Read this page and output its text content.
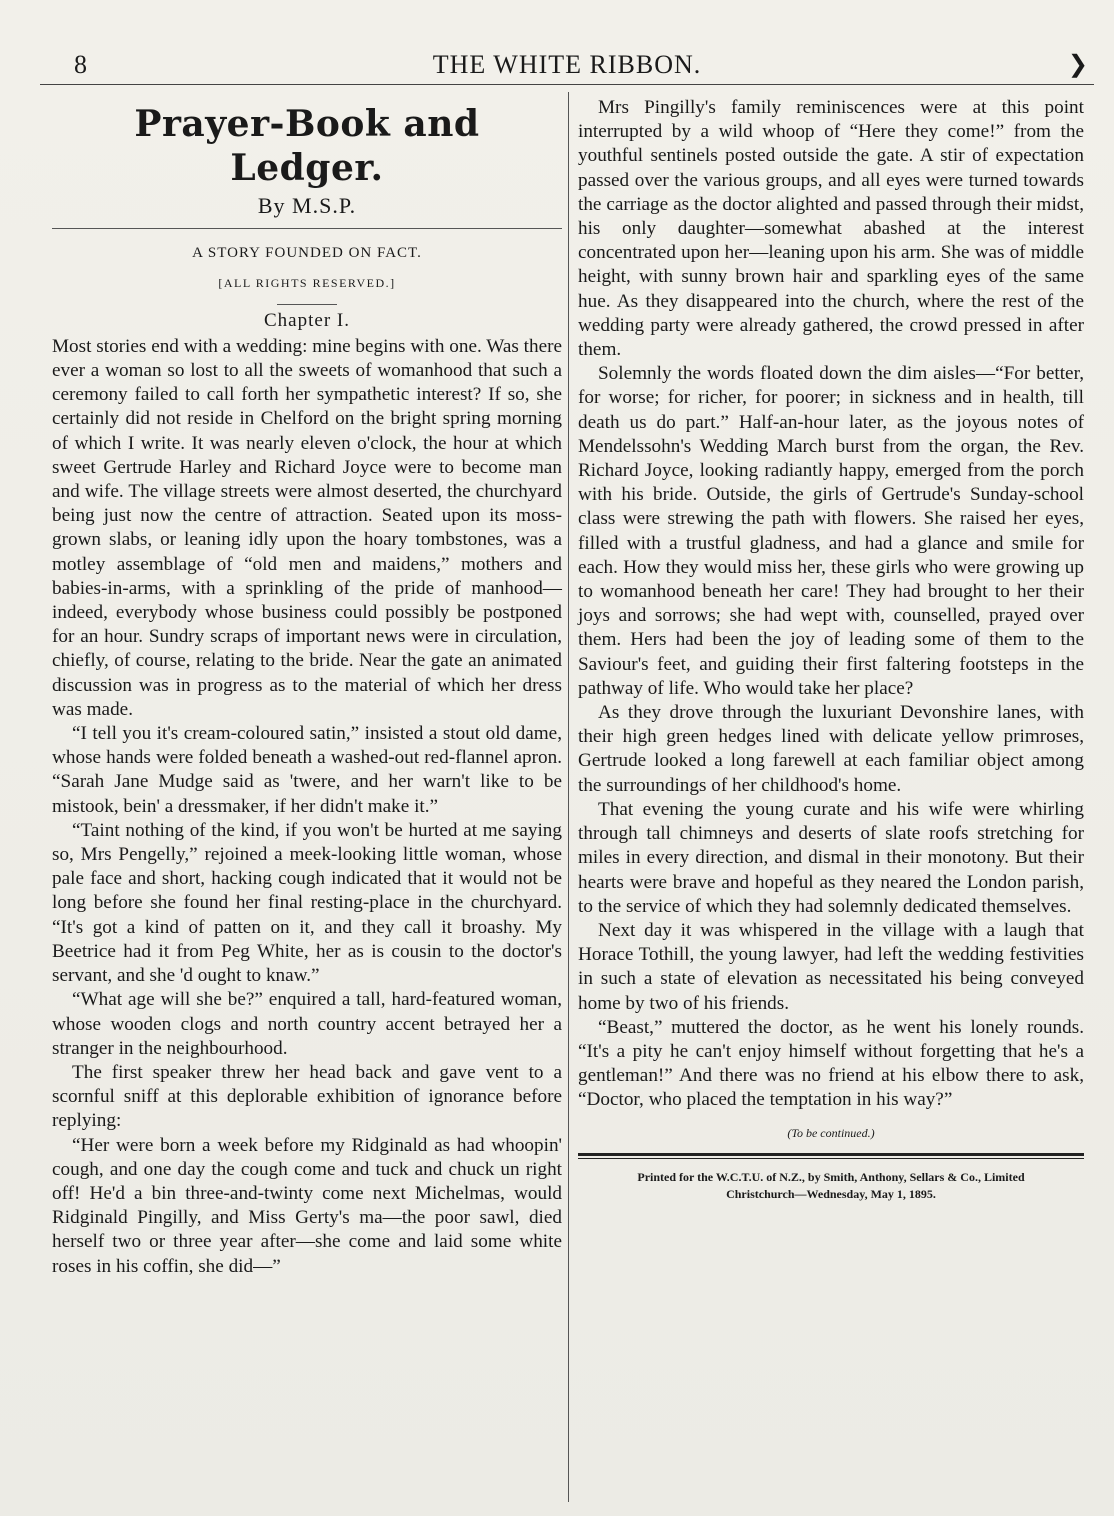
8	THE WHITE RIBBON.	❯
Prayer-Book and Ledger.
By M.S.P.
A STORY FOUNDED ON FACT.
[ALL RIGHTS RESERVED.]
Chapter I.

Most stories end with a wedding: mine begins with one. Was there ever a woman so lost to all the sweets of womanhood that such a ceremony failed to call forth her sympathetic interest? If so, she certainly did not reside in Chelford on the bright spring morning of which I write. It was nearly eleven o'clock, the hour at which sweet Gertrude Harley and Richard Joyce were to become man and wife. The village streets were almost deserted, the churchyard being just now the centre of attraction. Seated upon its moss-grown slabs, or leaning idly upon the hoary tombstones, was a motley assemblage of “old men and maidens,” mothers and babies-in-arms, with a sprinkling of the pride of manhood—indeed, everybody whose business could possibly be postponed for an hour. Sundry scraps of important news were in circulation, chiefly, of course, relating to the bride. Near the gate an animated discussion was in progress as to the material of which her dress was made.

“I tell you it's cream-coloured satin,” insisted a stout old dame, whose hands were folded beneath a washed-out red-flannel apron. “Sarah Jane Mudge said as 'twere, and her warn't like to be mistook, bein' a dressmaker, if her didn't make it.”

“Taint nothing of the kind, if you won't be hurted at me saying so, Mrs Pengelly,” rejoined a meek-looking little woman, whose pale face and short, hacking cough indicated that it would not be long before she found her final resting-place in the churchyard. “It's got a kind of patten on it, and they call it broashy. My Beetrice had it from Peg White, her as is cousin to the doctor's servant, and she 'd ought to knaw.”

“What age will she be?” enquired a tall, hard-featured woman, whose wooden clogs and north country accent betrayed her a stranger in the neighbourhood.

The first speaker threw her head back and gave vent to a scornful sniff at this deplorable exhibition of ignorance before replying:

“Her were born a week before my Ridginald as had whoopin' cough, and one day the cough come and tuck and chuck un right off! He'd a bin three-and-twinty come next Michelmas, would Ridginald Pingilly, and Miss Gerty's ma—the poor sawl, died herself two or three year after—she come and laid some white roses in his coffin, she did—”

Mrs Pingilly's family reminiscences were at this point interrupted by a wild whoop of “Here they come!” from the youthful sentinels posted outside the gate. A stir of expectation passed over the various groups, and all eyes were turned towards the carriage as the doctor alighted and passed through their midst, his only daughter—somewhat abashed at the interest concentrated upon her—leaning upon his arm. She was of middle height, with sunny brown hair and sparkling eyes of the same hue. As they disappeared into the church, where the rest of the wedding party were already gathered, the crowd pressed in after them.

Solemnly the words floated down the dim aisles—“For better, for worse; for richer, for poorer; in sickness and in health, till death us do part.” Half-an-hour later, as the joyous notes of Mendelssohn's Wedding March burst from the organ, the Rev. Richard Joyce, looking radiantly happy, emerged from the porch with his bride. Outside, the girls of Gertrude's Sunday-school class were strewing the path with flowers. She raised her eyes, filled with a trustful gladness, and had a glance and smile for each. How they would miss her, these girls who were growing up to womanhood beneath her care! They had brought to her their joys and sorrows; she had wept with, counselled, prayed over them. Hers had been the joy of leading some of them to the Saviour's feet, and guiding their first faltering footsteps in the pathway of life. Who would take her place?

As they drove through the luxuriant Devonshire lanes, with their high green hedges lined with delicate yellow primroses, Gertrude looked a long farewell at each familiar object among the surroundings of her childhood's home.

That evening the young curate and his wife were whirling through tall chimneys and deserts of slate roofs stretching for miles in every direction, and dismal in their monotony. But their hearts were brave and hopeful as they neared the London parish, to the service of which they had solemnly dedicated themselves.

Next day it was whispered in the village with a laugh that Horace Tothill, the young lawyer, had left the wedding festivities in such a state of elevation as necessitated his being conveyed home by two of his friends.

“Beast,” muttered the doctor, as he went his lonely rounds. “It's a pity he can't enjoy himself without forgetting that he's a gentleman!” And there was no friend at his elbow there to ask, “Doctor, who placed the temptation in his way?”

(To be continued.)
Printed for the W.C.T.U. of N.Z., by Smith, Anthony, Sellars & Co., Limited
Christchurch—Wednesday, May 1, 1895.
